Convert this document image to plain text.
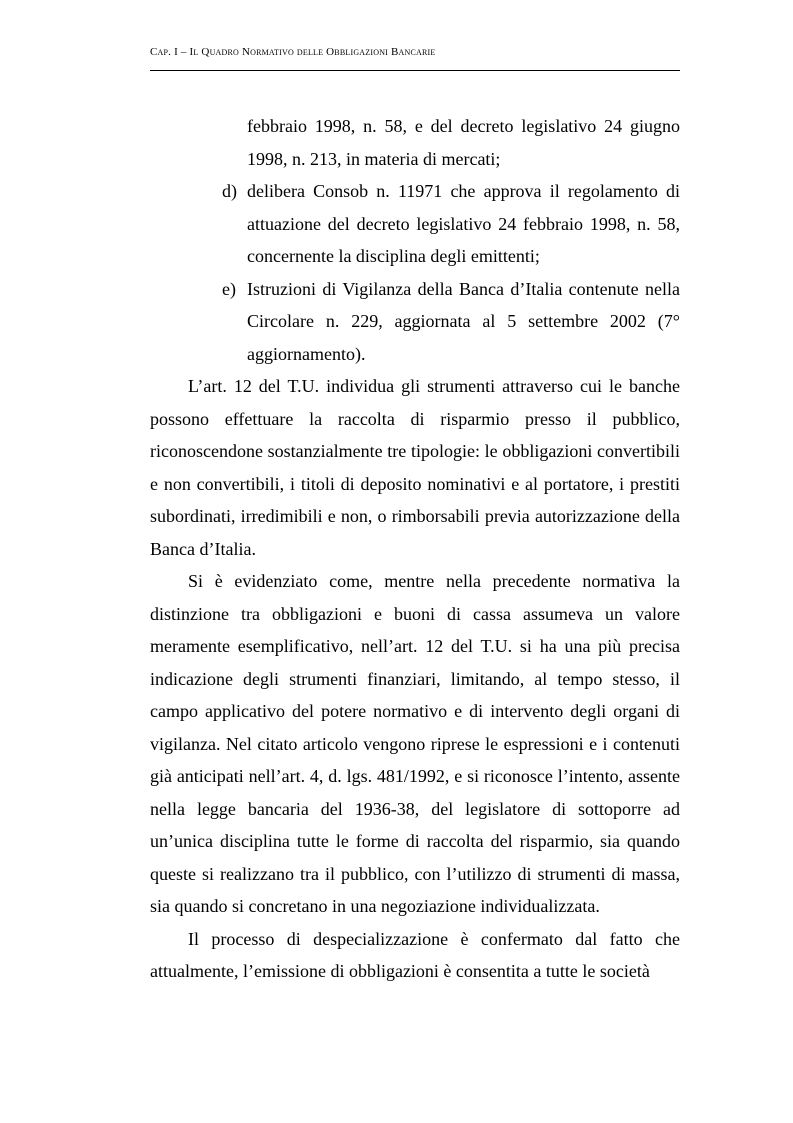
Cap. I – Il Quadro Normativo delle Obbligazioni Bancarie
febbraio 1998, n. 58, e del decreto legislativo 24 giugno 1998, n. 213, in materia di mercati;
d) delibera Consob n. 11971 che approva il regolamento di attuazione del decreto legislativo 24 febbraio 1998, n. 58, concernente la disciplina degli emittenti;
e) Istruzioni di Vigilanza della Banca d’Italia contenute nella Circolare n. 229, aggiornata al 5 settembre 2002 (7° aggiornamento).

L’art. 12 del T.U. individua gli strumenti attraverso cui le banche possono effettuare la raccolta di risparmio presso il pubblico, riconoscendone sostanzialmente tre tipologie: le obbligazioni convertibili e non convertibili, i titoli di deposito nominativi e al portatore, i prestiti subordinati, irredimibili e non, o rimborsabili previa autorizzazione della Banca d’Italia.

Si è evidenziato come, mentre nella precedente normativa la distinzione tra obbligazioni e buoni di cassa assumeva un valore meramente esemplificativo, nell’art. 12 del T.U. si ha una più precisa indicazione degli strumenti finanziari, limitando, al tempo stesso, il campo applicativo del potere normativo e di intervento degli organi di vigilanza. Nel citato articolo vengono riprese le espressioni e i contenuti già anticipati nell’art. 4, d. lgs. 481/1992, e si riconosce l’intento, assente nella legge bancaria del 1936-38, del legislatore di sottoporre ad un’unica disciplina tutte le forme di raccolta del risparmio, sia quando queste si realizzano tra il pubblico, con l’utilizzo di strumenti di massa, sia quando si concretano in una negoziazione individualizzata.

Il processo di despecializzazione è confermato dal fatto che attualmente, l’emissione di obbligazioni è consentita a tutte le società
